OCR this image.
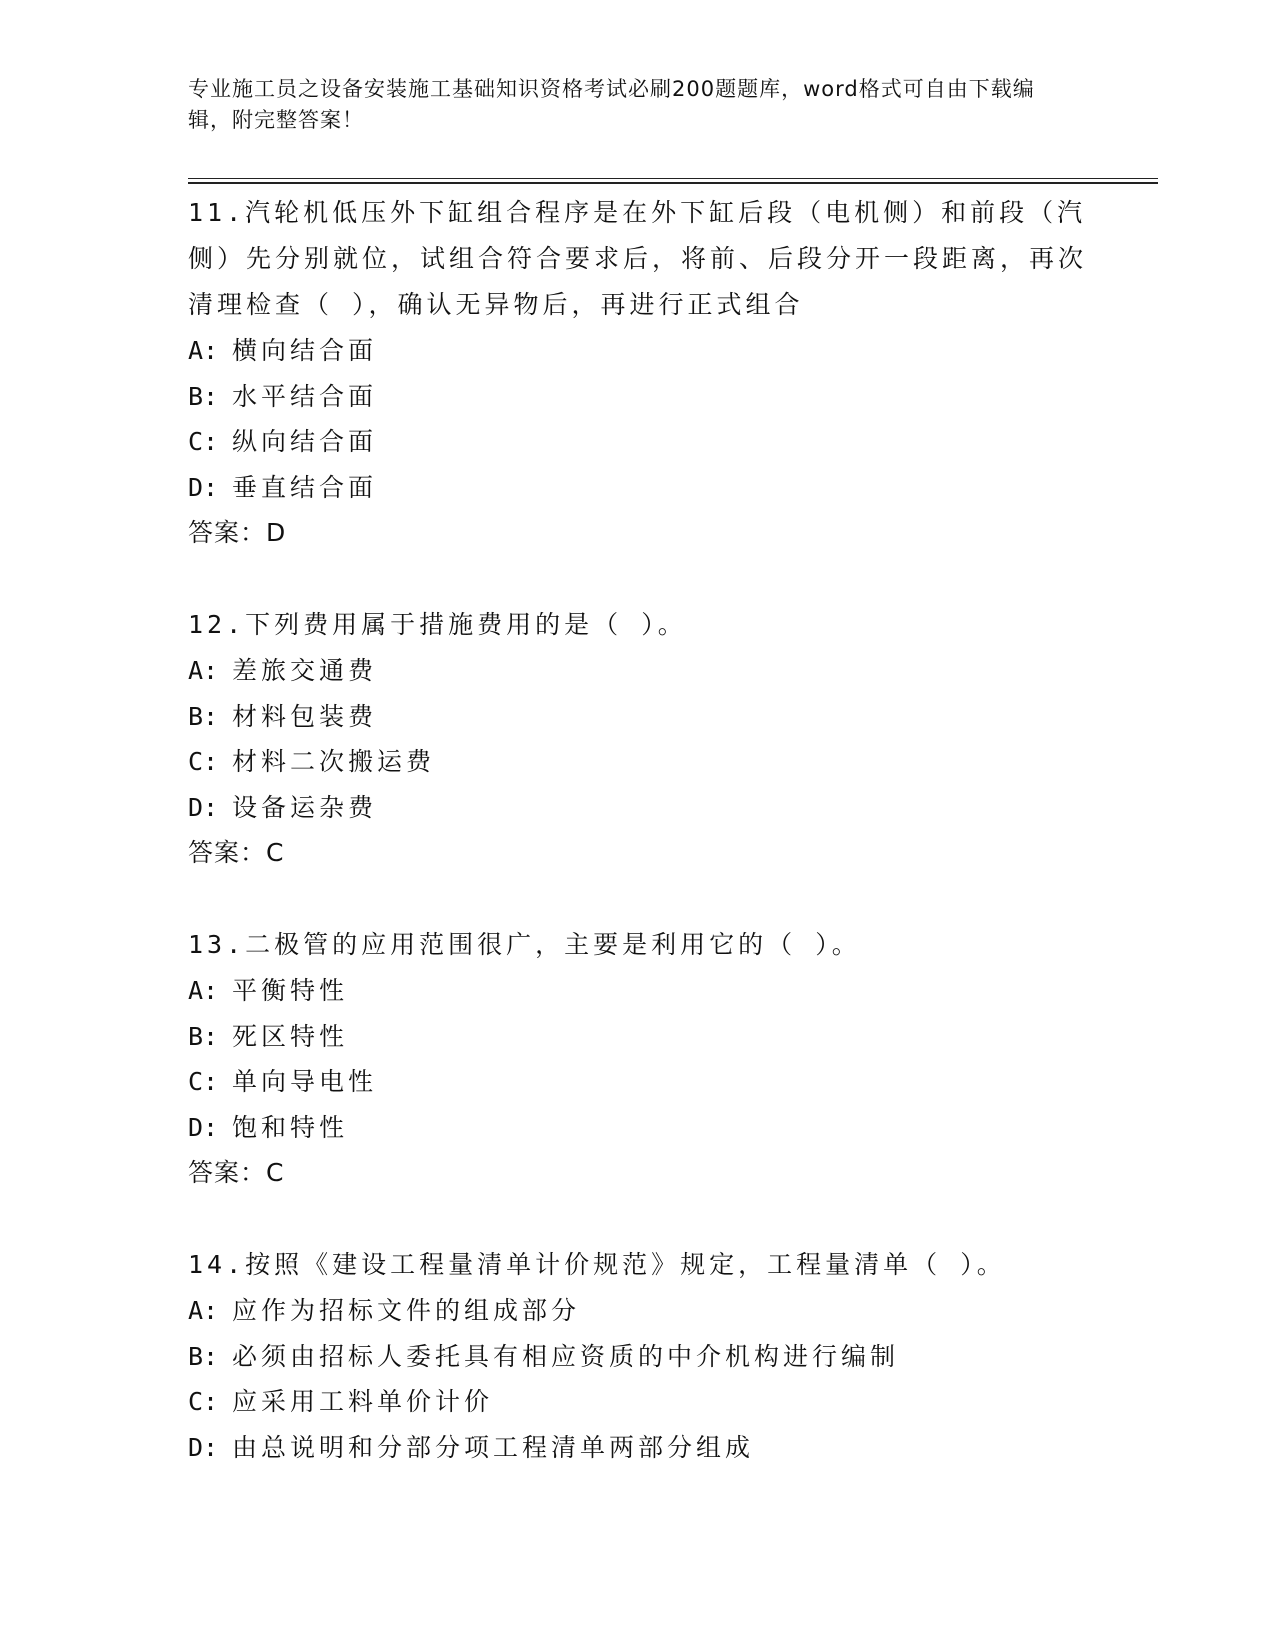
专业施工员之设备安装施工基础知识资格考试必刷200题题库，word格式可自由下载编辑，附完整答案！

11.汽轮机低压外下缸组合程序是在外下缸后段（电机侧）和前段（汽侧）先分别就位，试组合符合要求后，将前、后段分开一段距离，再次清理检查（ ），确认无异物后，再进行正式组合

A: 横向结合面

B: 水平结合面

C: 纵向结合面

D: 垂直结合面

答案：D

12.下列费用属于措施费用的是（ ）。

A: 差旅交通费

B: 材料包装费

C: 材料二次搬运费

D: 设备运杂费

答案：C

13.二极管的应用范围很广，主要是利用它的（ ）。

A: 平衡特性

B: 死区特性

C: 单向导电性

D: 饱和特性

答案：C

14.按照《建设工程量清单计价规范》规定，工程量清单（ ）。

A: 应作为招标文件的组成部分

B: 必须由招标人委托具有相应资质的中介机构进行编制

C: 应采用工料单价计价

D: 由总说明和分部分项工程清单两部分组成
